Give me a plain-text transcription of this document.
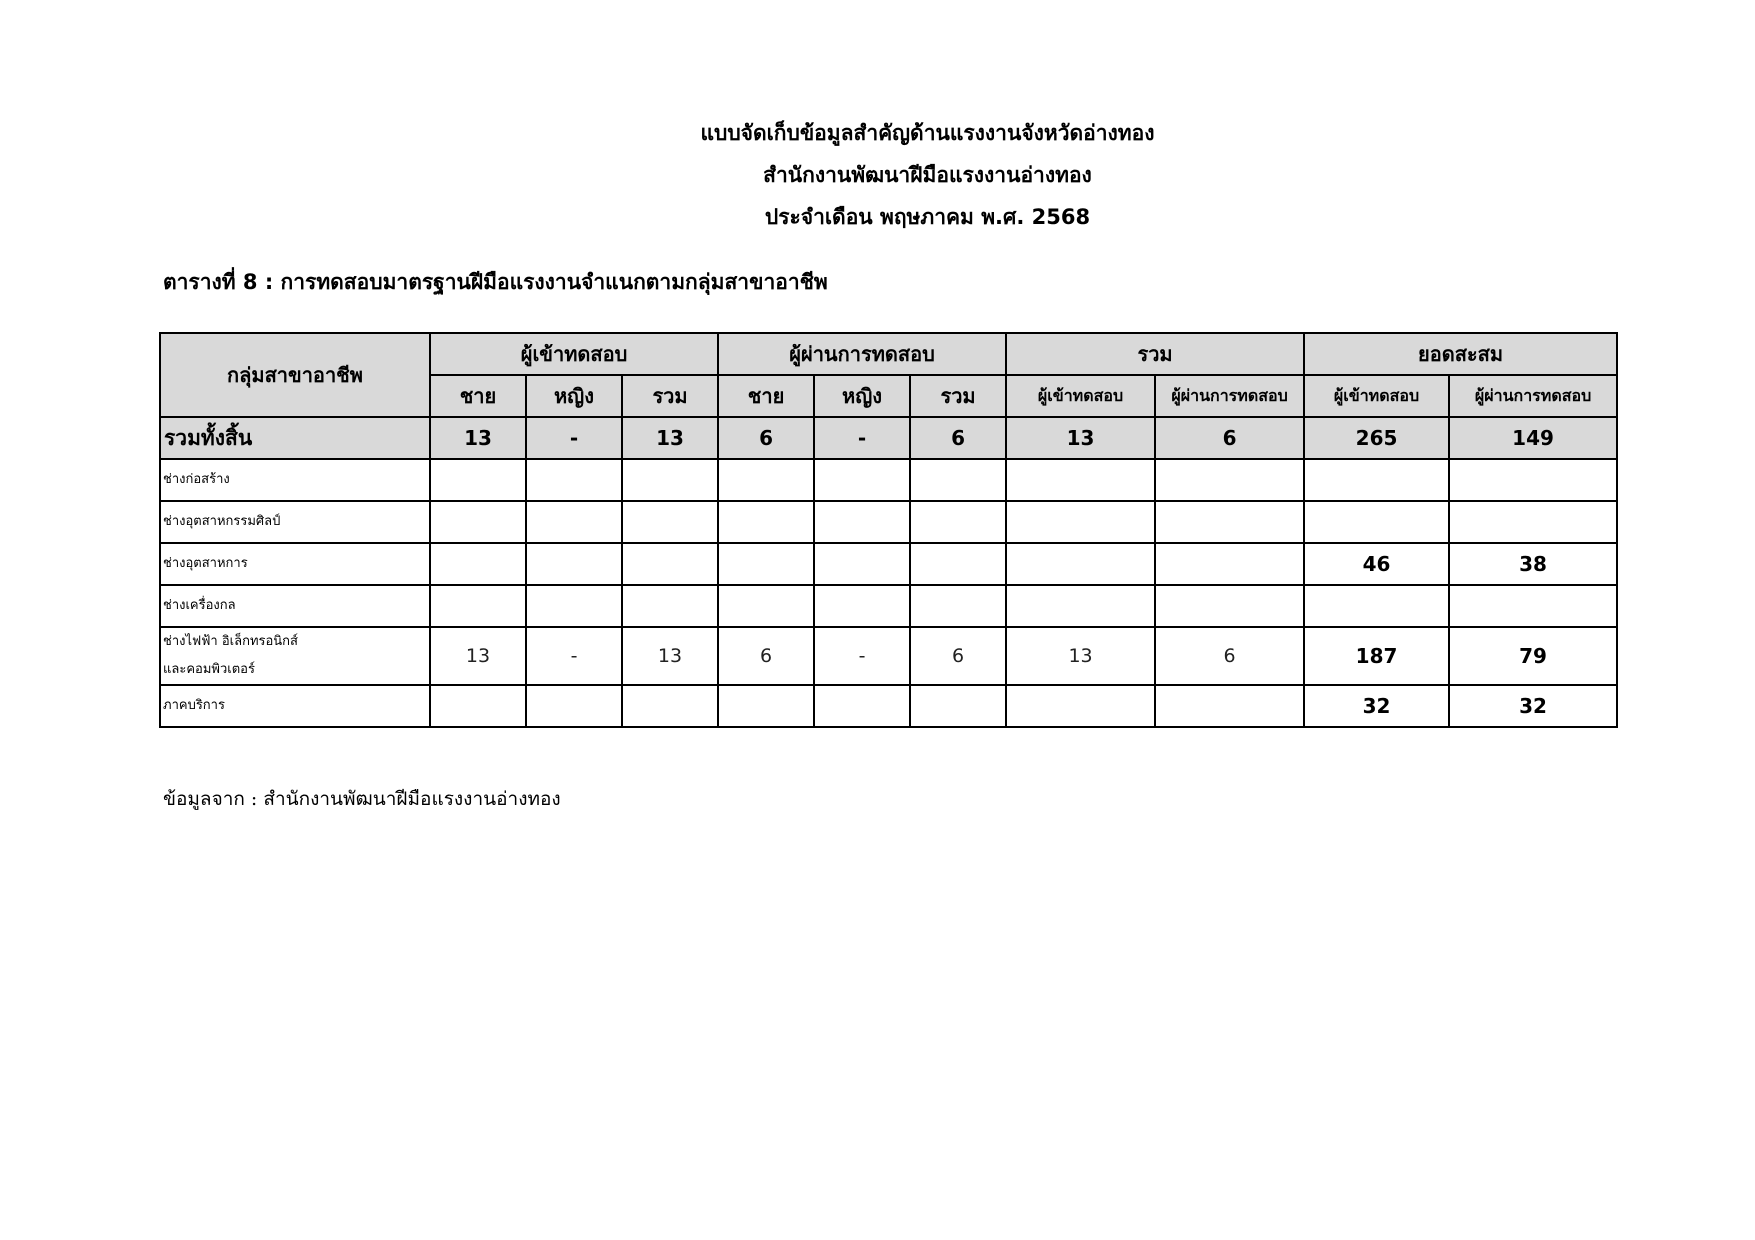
แบบจัดเก็บข้อมูลสำคัญด้านแรงงานจังหวัดอ่างทอง
สำนักงานพัฒนาฝีมือแรงงานอ่างทอง
ประจำเดือน พฤษภาคม พ.ศ. 2568
ตารางที่ 8 : การทดสอบมาตรฐานฝีมือแรงงานจำแนกตามกลุ่มสาขาอาชีพ
กลุ่มสาขาอาชีพ	ผู้เข้าทดสอบ			ผู้ผ่านการทดสอบ			รวม		ยอดสะสม	
	ชาย	หญิง	รวม	ชาย	หญิง	รวม	ผู้เข้าทดสอบ	ผู้ผ่านการทดสอบ	ผู้เข้าทดสอบ	ผู้ผ่านการทดสอบ
รวมทั้งสิ้น	13	-	13	6	-	6	13	6	265	149
ช่างก่อสร้าง										
ช่างอุตสาหกรรมศิลป์										
ช่างอุตสาหการ									46	38
ช่างเครื่องกล										

ช่างไฟฟ้า อิเล็กทรอนิกส์
และคอมพิวเตอร์	13	-	13	6	-	6	13	6	187	79
ภาคบริการ									32	32
ข้อมูลจาก : สำนักงานพัฒนาฝีมือแรงงานอ่างทอง
